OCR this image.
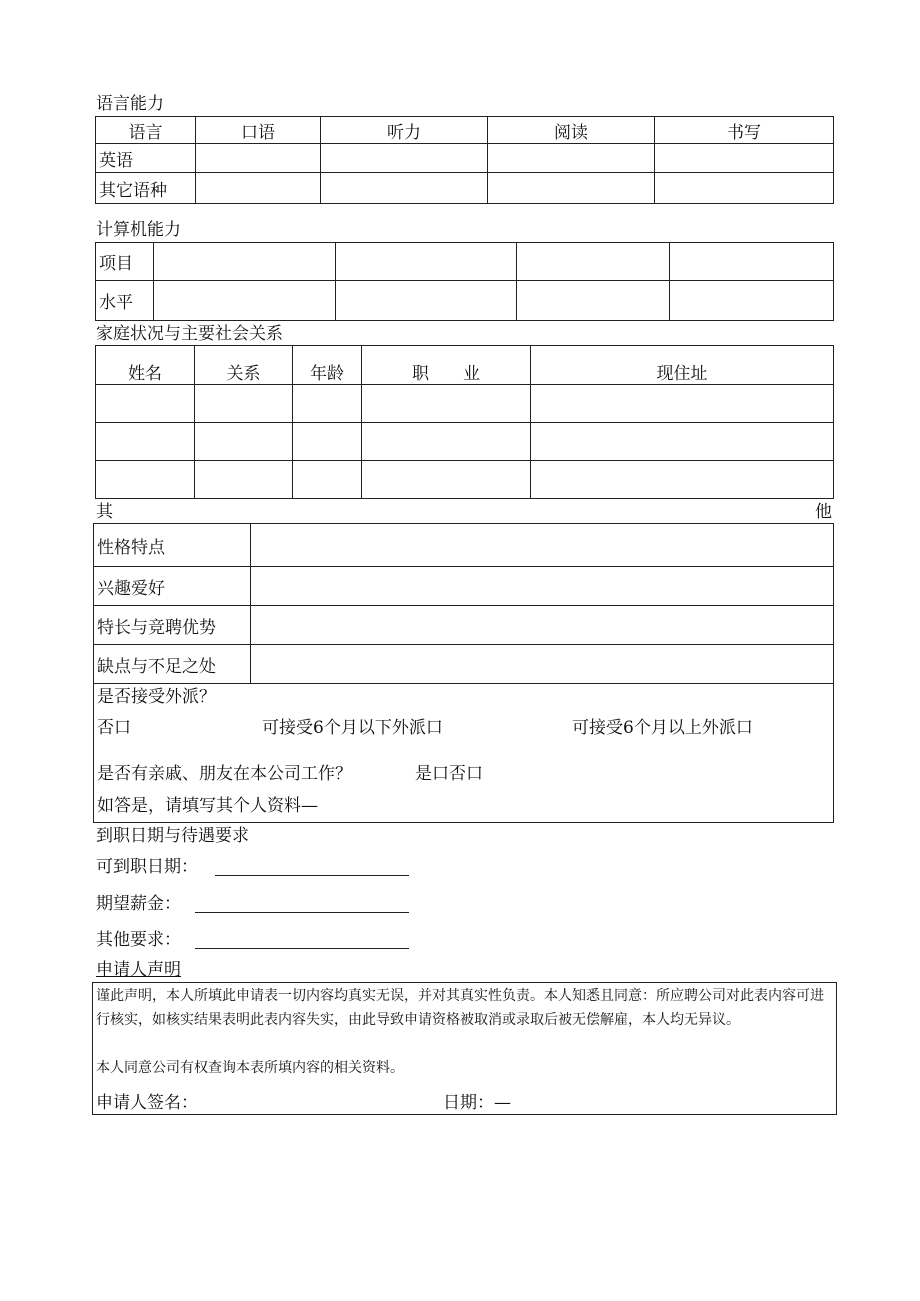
语言能力
语言	口语	听力	阅读	书写
英语				
其它语种				
计算机能力
项目				
水平				
家庭状况与主要社会关系
姓名	关系	年龄	职　　业	现住址

其	他
性格特点	
兴趣爱好	
特长与竞聘优势	
缺点与不足之处	
是否接受外派？
否口	可接受6个月以下外派口	可接受6个月以上外派口
是否有亲戚、朋友在本公司工作？	是口否口
如答是，请填写其个人资料—
到职日期与待遇要求
可到职日期：
期望薪金：
其他要求：
申请人声明
谨此声明，本人所填此申请表一切内容均真实无误，并对其真实性负责。本人知悉且同意：所应聘公司对此表内容可进行核实，如核实结果表明此表内容失实，由此导致申请资格被取消或录取后被无偿解雇，本人均无异议。
本人同意公司有权查询本表所填内容的相关资料。
申请人签名：	日期：—
